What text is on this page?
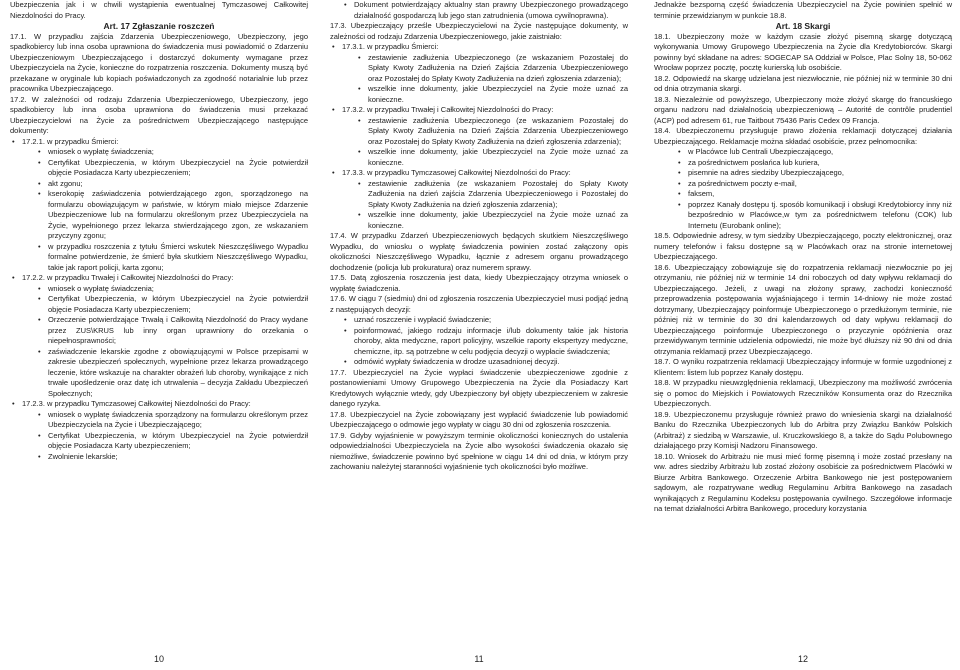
Ubezpieczenia jak i w chwili wystąpienia ewentualnej Tymczasowej Całkowitej Niezdolności do Pracy.

Art. 17 Zgłaszanie roszczeń

17.1. W przypadku zajścia Zdarzenia Ubezpieczeniowego, Ubezpieczony, jego spadkobiercy lub inna osoba uprawniona do świadczenia musi powiadomić o Zdarzeniu Ubezpieczeniowym Ubezpieczającego i dostarczyć dokumenty wymagane przez Ubezpieczyciela na Życie, konieczne do rozpatrzenia roszczenia. Dokumenty muszą być przekazane w oryginale lub kopiach poświadczonych za zgodność notarialnie lub przez pracownika Ubezpieczającego.

17.2. W zależności od rodzaju Zdarzenia Ubezpieczeniowego, Ubezpieczony, jego spadkobiercy lub inna osoba uprawniona do świadczenia musi przekazać Ubezpieczycielowi na Życie za pośrednictwem Ubezpieczającego następujące dokumenty:

• 17.2.1. w przypadku Śmierci:
• wniosek o wypłatę świadczenia;
• Certyfikat Ubezpieczenia, w którym Ubezpieczyciel na Życie potwierdził objęcie Posiadacza Karty ubezpieczeniem;
• akt zgonu;
• kserokopię zaświadczenia potwierdzającego zgon, sporządzonego na formularzu obowiązującym w państwie, w którym miało miejsce Zdarzenie Ubezpieczeniowe lub na formularzu określonym przez Ubezpieczyciela na Życie, wypełnionego przez lekarza stwierdzającego zgon, ze wskazaniem przyczyny zgonu;
• w przypadku roszczenia z tytułu Śmierci wskutek Nieszczęśliwego Wypadku formalne potwierdzenie, że śmierć była skutkiem Nieszczęśliwego Wypadku, takie jak raport policji, karta zgonu;
• 17.2.2. w przypadku Trwałej i Całkowitej Niezdolności do Pracy:
• wniosek o wypłatę świadczenia;
• Certyfikat Ubezpieczenia, w którym Ubezpieczyciel na Życie potwierdził objęcie Posiadacza Karty ubezpieczeniem;
• Orzeczenie potwierdzające Trwałą i Całkowitą Niezdolność do Pracy wydane przez ZUS\KRUS lub inny organ uprawniony do orzekania o niepełnosprawności;
• zaświadczenie lekarskie zgodne z obowiązującymi w Polsce przepisami w zakresie ubezpieczeń społecznych, wypełnione przez lekarza prowadzącego leczenie, które wskazuje na charakter obrażeń lub choroby, wynikające z nich trwałe upośledzenie oraz datę ich utrwalenia – decyzja Zakładu Ubezpieczeń Społecznych;
• 17.2.3. w przypadku Tymczasowej Całkowitej Niezdolności do Pracy:
• wniosek o wypłatę świadczenia sporządzony na formularzu określonym przez Ubezpieczyciela na Życie i Ubezpieczającego;
• Certyfikat Ubezpieczenia, w którym Ubezpieczyciel na Życie potwierdził objęcie Posiadacza Karty ubezpieczeniem;
• Zwolnienie lekarskie;
• Dokument potwierdzający aktualny stan prawny Ubezpieczonego prowadzącego działalność gospodarczą lub jego stan zatrudnienia (umowa cywilnoprawna).

17.3. Ubezpieczający prześle Ubezpieczycielowi na Życie następujące dokumenty, w zależności od rodzaju Zdarzenia Ubezpieczeniowego, jakie zaistniało:

• 17.3.1. w przypadku Śmierci:
• zestawienie zadłużenia Ubezpieczonego (ze wskazaniem Pozostałej do Spłaty Kwoty Zadłużenia na Dzień Zajścia Zdarzenia Ubezpieczeniowego oraz Pozostałej do Spłaty Kwoty Zadłużenia na dzień zgłoszenia zdarzenia);
• wszelkie inne dokumenty, jakie Ubezpieczyciel na Życie może uznać za konieczne.
• 17.3.2. w przypadku Trwałej i Całkowitej Niezdolności do Pracy:
• zestawienie zadłużenia Ubezpieczonego (ze wskazaniem Pozostałej do Spłaty Kwoty Zadłużenia na Dzień Zajścia Zdarzenia Ubezpieczeniowego oraz Pozostałej do Spłaty Kwoty Zadłużenia na dzień zgłoszenia zdarzenia);
• wszelkie inne dokumenty, jakie Ubezpieczyciel na Życie może uznać za konieczne.
• 17.3.3. w przypadku Tymczasowej Całkowitej Niezdolności do Pracy:
• zestawienie zadłużenia (ze wskazaniem Pozostałej do Spłaty Kwoty Zadłużenia na dzień zajścia Zdarzenia Ubezpieczeniowego i Pozostałej do Spłaty Kwoty Zadłużenia na dzień zgłoszenia zdarzenia);
• wszelkie inne dokumenty, jakie Ubezpieczyciel na Życie może uznać za konieczne.

17.4. W przypadku Zdarzeń Ubezpieczeniowych będących skutkiem Nieszczęśliwego Wypadku, do wniosku o wypłatę świadczenia powinien zostać załączony opis okoliczności Nieszczęśliwego Wypadku, łącznie z adresem organu prowadzącego dochodzenie (policja lub prokuratura) oraz numerem sprawy.

17.5. Datą zgłoszenia roszczenia jest data, kiedy Ubezpieczający otrzyma wniosek o wypłatę świadczenia.

17.6. W ciągu 7 (siedmiu) dni od zgłoszenia roszczenia Ubezpieczyciel musi podjąć jedną z następujących decyzji:

• uznać roszczenie i wypłacić świadczenie;
• poinformować, jakiego rodzaju informacje i/lub dokumenty takie jak historia choroby, akta medyczne, raport policyjny, wszelkie raporty ekspertyzy medyczne, chemiczne, itp. są potrzebne w celu podjęcia decyzji o wypłacie świadczenia;
• odmówić wypłaty świadczenia w drodze uzasadnionej decyzji.

17.7. Ubezpieczyciel na Życie wypłaci świadczenie ubezpieczeniowe zgodnie z postanowieniami Umowy Grupowego Ubezpieczenia na Życie dla Posiadaczy Kart Kredytowych wyłącznie wtedy, gdy Ubezpieczony był objęty ubezpieczeniem w zakresie danego ryzyka.

17.8. Ubezpieczyciel na Życie zobowiązany jest wypłacić świadczenie lub powiadomić Ubezpieczającego o odmowie jego wypłaty w ciągu 30 dni od zgłoszenia roszczenia.

17.9. Gdyby wyjaśnienie w powyższym terminie okoliczności koniecznych do ustalenia odpowiedzialności Ubezpieczyciela na Życie albo wysokości świadczenia okazało się niemożliwe, świadczenie powinno być spełnione w ciągu 14 dni od dnia, w którym przy zachowaniu należytej staranności wyjaśnienie tych okoliczności było możliwe.

Jednakże bezsporną część świadczenia Ubezpieczyciel na Życie powinien spełnić w terminie przewidzianym w punkcie 18.8.

Art. 18 Skargi

18.1. Ubezpieczony może w każdym czasie złożyć pisemną skargę dotyczącą wykonywania Umowy Grupowego Ubezpieczenia na Życie dla Kredytobiorców. Skargi powinny być składane na adres: SOGECAP SA Oddział w Polsce, Plac Solny 18, 50-062 Wrocław poprzez pocztę, pocztę kurierską lub osobiście.

18.2. Odpowiedź na skargę udzielana jest niezwłocznie, nie później niż w terminie 30 dni od dnia otrzymania skargi.

18.3. Niezależnie od powyższego, Ubezpieczony może złożyć skargę do francuskiego organu nadzoru nad działalnością ubezpieczeniową – Autorité de contrôle prudentiel (ACP) pod adresem 61, rue Taitbout 75436 Paris Cedex 09 Francja.

18.4. Ubezpieczonemu przysługuje prawo złożenia reklamacji dotyczącej działania Ubezpieczającego. Reklamacje można składać osobiście, przez pełnomocnika:

• w Placówce lub Centrali Ubezpieczającego,
• za pośrednictwem posłańca lub kuriera,
• pisemnie na adres siedziby Ubezpieczającego,
• za pośrednictwem poczty e-mail,
• faksem,
• poprzez Kanały dostępu tj. sposób komunikacji i obsługi Kredytobiorcy inny niż bezpośrednio w Placówce,w tym za pośrednictwem telefonu (COK) lub Internetu (Eurobank online);

18.5. Odpowiednie adresy, w tym siedziby Ubezpieczającego, poczty elektronicznej, oraz numery telefonów i faksu dostępne są w Placówkach oraz na stronie internetowej Ubezpieczającego.

18.6. Ubezpieczający zobowiązuje się do rozpatrzenia reklamacji niezwłocznie po jej otrzymaniu, nie później niż w terminie 14 dni roboczych od daty wpływu reklamacji do Ubezpieczającego. Jeżeli, z uwagi na złożony sprawy, zachodzi konieczność przeprowadzenia postępowania wyjaśniającego i termin 14-dniowy nie może zostać dotrzymany, Ubezpieczający poinformuje Ubezpieczonego o przedłużonym terminie, nie później niż w terminie do 30 dni kalendarzowych od daty wpływu reklamacji do Ubezpieczającego poinformuje Ubezpieczonego o przyczynie opóźnienia oraz przewidywanym terminie udzielenia odpowiedzi, nie może być dłuższy niż 90 dni od dnia otrzymania reklamacji przez Ubezpieczającego.

18.7. O wyniku rozpatrzenia reklamacji Ubezpieczający informuje w formie uzgodnionej z Klientem: listem lub poprzez Kanały dostępu.

18.8. W przypadku nieuwzględnienia reklamacji, Ubezpieczony ma możliwość zwrócenia się o pomoc do Miejskich i Powiatowych Rzeczników Konsumenta oraz do Rzecznika Ubezpieczonych.

18.9. Ubezpieczonemu przysługuje również prawo do wniesienia skargi na działalność Banku do Rzecznika Ubezpieczonych lub do Arbitra przy Związku Banków Polskich (Arbitraż) z siedzibą w Warszawie, ul. Kruczkowskiego 8, a także do Sądu Polubownego działającego przy Komisji Nadzoru Finansowego.

18.10. Wniosek do Arbitrażu nie musi mieć formę pisemną i może zostać przesłany na ww. adres siedziby Arbitrażu lub zostać złożony osobiście za pośrednictwem Placówki w Biurze Arbitra Bankowego. Orzeczenie Arbitra Bankowego nie jest postępowaniem sądowym, ale rozpatrywane według Regulaminu Arbitra Bankowego na zasadach wynikających z Regulaminu Kodeksu postępowania cywilnego. Szczegółowe informacje na temat działalności Arbitra Bankowego, procedury korzystania

10	11	12
